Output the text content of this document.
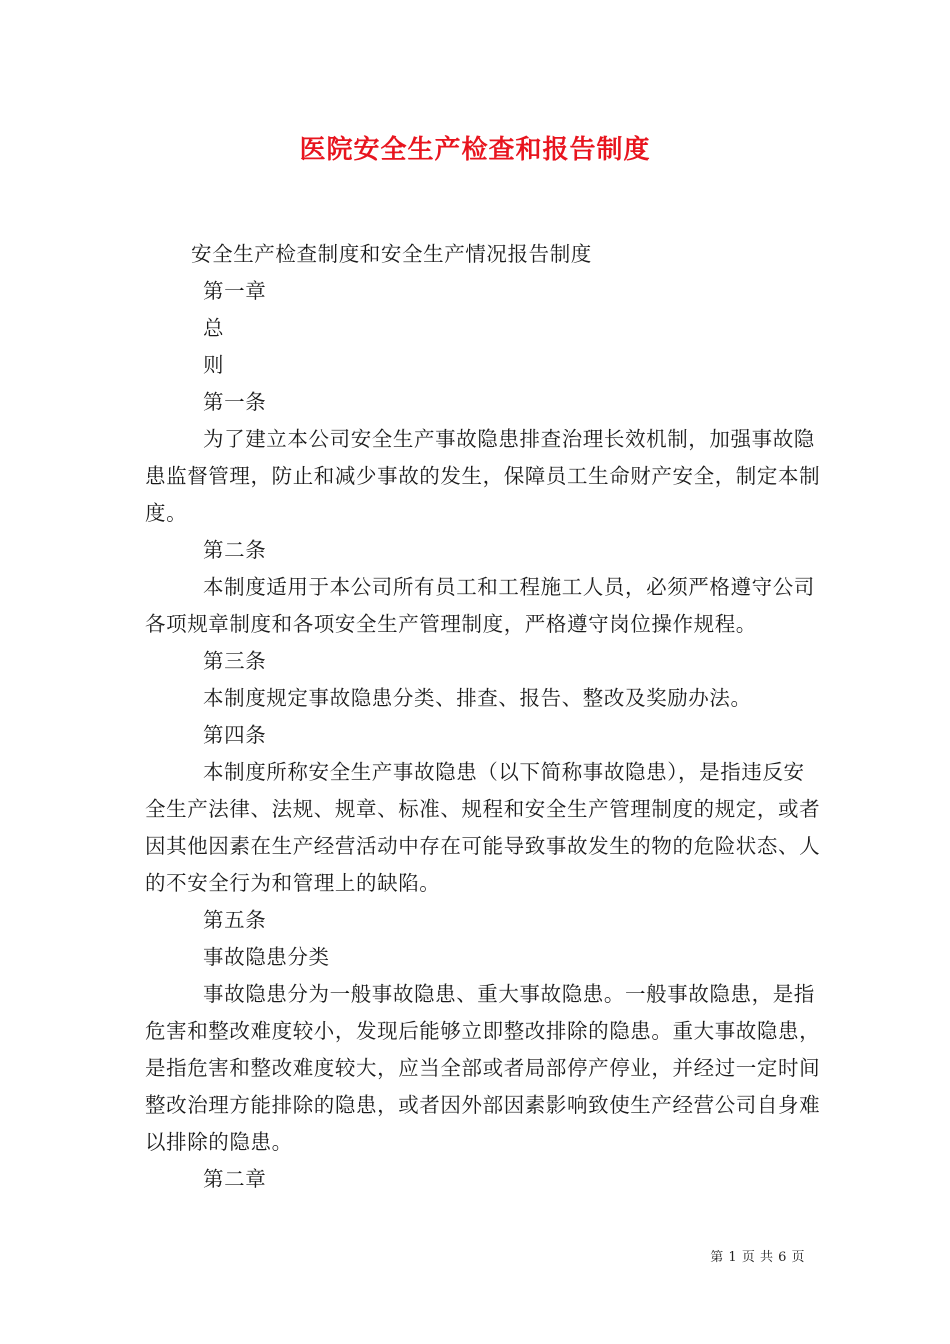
医院安全生产检查和报告制度

安全生产检查制度和安全生产情况报告制度

第一章

总

则

第一条

为了建立本公司安全生产事故隐患排查治理长效机制，加强事故隐患监督管理，防止和减少事故的发生，保障员工生命财产安全，制定本制度。

第二条

本制度适用于本公司所有员工和工程施工人员，必须严格遵守公司各项规章制度和各项安全生产管理制度，严格遵守岗位操作规程。

第三条

本制度规定事故隐患分类、排查、报告、整改及奖励办法。

第四条

本制度所称安全生产事故隐患（以下简称事故隐患），是指违反安全生产法律、法规、规章、标准、规程和安全生产管理制度的规定，或者因其他因素在生产经营活动中存在可能导致事故发生的物的危险状态、人的不安全行为和管理上的缺陷。

第五条

事故隐患分类

事故隐患分为一般事故隐患、重大事故隐患。一般事故隐患，是指危害和整改难度较小，发现后能够立即整改排除的隐患。重大事故隐患，是指危害和整改难度较大，应当全部或者局部停产停业，并经过一定时间整改治理方能排除的隐患，或者因外部因素影响致使生产经营公司自身难以排除的隐患。

第二章

第 1 页 共 6 页
